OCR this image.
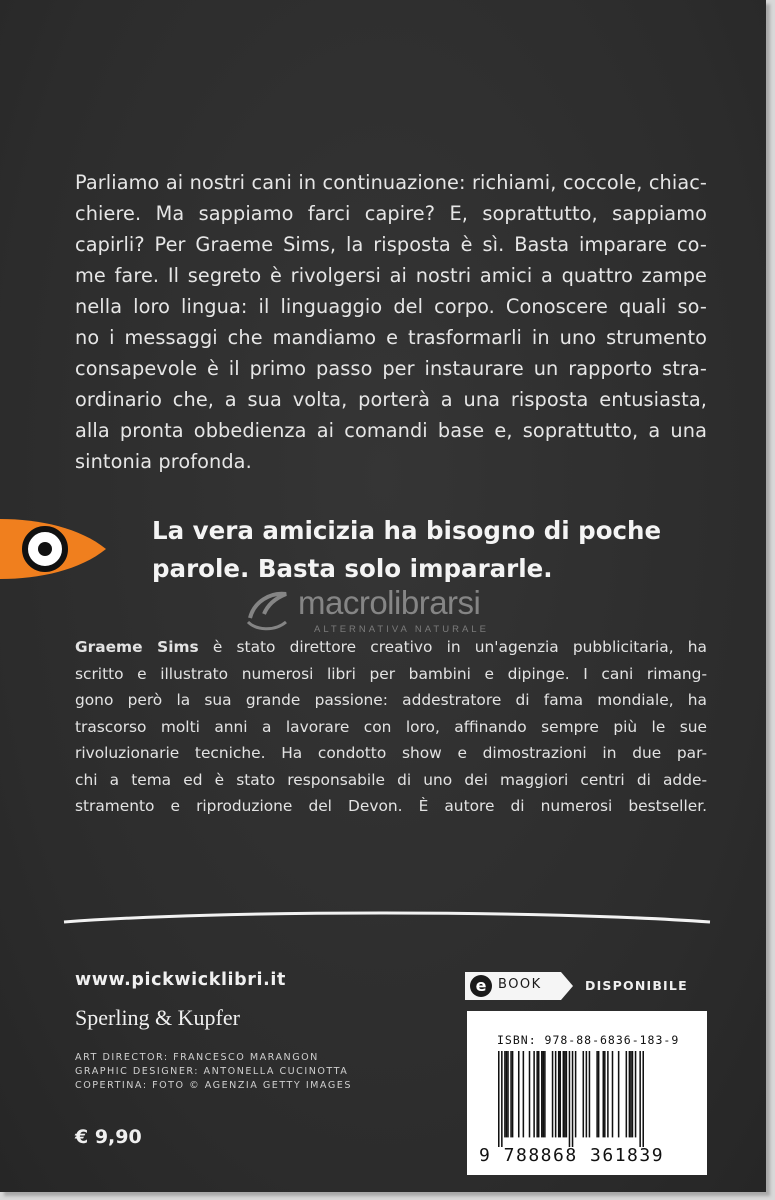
Parliamo ai nostri cani in continuazione: richiami, coccole, chiac-
chiere. Ma sappiamo farci capire? E, soprattutto, sappiamo
capirli? Per Graeme Sims, la risposta è sì. Basta imparare co-
me fare. Il segreto è rivolgersi ai nostri amici a quattro zampe
nella loro lingua: il linguaggio del corpo. Conoscere quali so-
no i messaggi che mandiamo e trasformarli in uno strumento
consapevole è il primo passo per instaurare un rapporto stra-
ordinario che, a sua volta, porterà a una risposta entusiasta,
alla pronta obbedienza ai comandi base e, soprattutto, a una
sintonia profonda.
La vera amicizia ha bisogno di poche
parole. Basta solo impararle.
macrolibrarsi
ALTERNATIVA NATURALE
Graeme Sims è stato direttore creativo in un'agenzia pubblicitaria, ha
scritto e illustrato numerosi libri per bambini e dipinge. I cani rimang-
gono però la sua grande passione: addestratore di fama mondiale, ha
trascorso molti anni a lavorare con loro, affinando sempre più le sue
rivoluzionarie tecniche. Ha condotto show e dimostrazioni in due par-
chi a tema ed è stato responsabile di uno dei maggiori centri di adde-
stramento e riproduzione del Devon. È autore di numerosi bestseller.
www.pickwicklibri.it
Sperling & Kupfer
ART DIRECTOR: FRANCESCO MARANGON
GRAPHIC DESIGNER: ANTONELLA CUCINOTTA
COPERTINA: FOTO © AGENZIA GETTY IMAGES
€ 9,90
e BOOK	DISPONIBILE
ISBN: 978-88-6836-183-9
9 788868 361839
